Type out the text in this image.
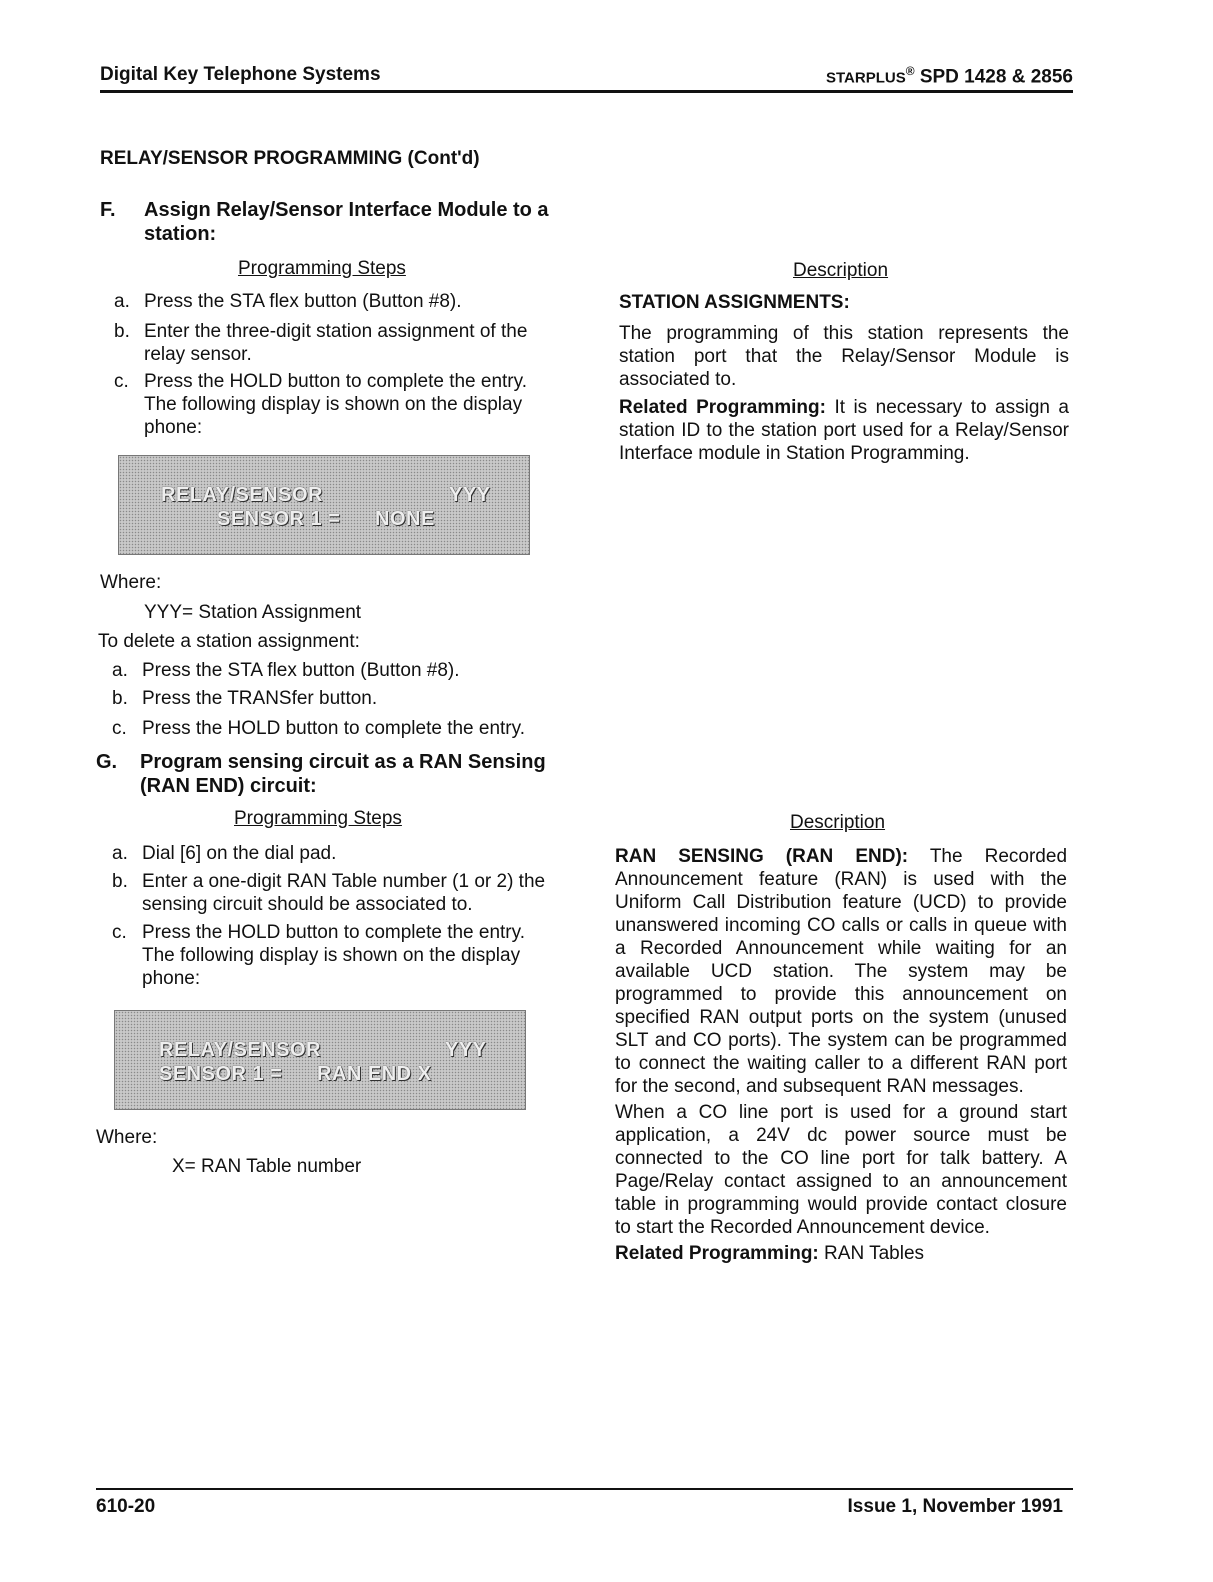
Digital Key Telephone Systems	STARPLUS® SPD 1428 & 2856
RELAY/SENSOR PROGRAMMING (Cont'd)
F. Assign Relay/Sensor Interface Module to a station:
Programming Steps
a. Press the STA flex button (Button #8).
b. Enter the three-digit station assignment of the relay sensor.
c. Press the HOLD button to complete the entry. The following display is shown on the display phone:
RELAY/SENSOR	YYY
SENSOR 1 = NONE
Where:
YYY= Station Assignment
To delete a station assignment:
a. Press the STA flex button (Button #8).
b. Press the TRANSfer button.
c. Press the HOLD button to complete the entry.
Description
STATION ASSIGNMENTS:
The programming of this station represents the station port that the Relay/Sensor Module is associated to.
Related Programming: It is necessary to assign a station ID to the station port used for a Relay/Sensor Interface module in Station Programming.
G. Program sensing circuit as a RAN Sensing (RAN END) circuit:
Programming Steps
a. Dial [6] on the dial pad.
b. Enter a one-digit RAN Table number (1 or 2) the sensing circuit should be associated to.
c. Press the HOLD button to complete the entry. The following display is shown on the display phone:
RELAY/SENSOR	YYY
SENSOR 1 = RAN END X
Where:
X= RAN Table number
Description
RAN SENSING (RAN END): The Recorded Announcement feature (RAN) is used with the Uniform Call Distribution feature (UCD) to provide unanswered incoming CO calls or calls in queue with a Recorded Announcement while waiting for an available UCD station. The system may be programmed to provide this announcement on specified RAN output ports on the system (unused SLT and CO ports). The system can be programmed to connect the waiting caller to a different RAN port for the second, and subsequent RAN messages.
When a CO line port is used for a ground start application, a 24V dc power source must be connected to the CO line port for talk battery. A Page/Relay contact assigned to an announcement table in programming would provide contact closure to start the Recorded Announcement device.
Related Programming: RAN Tables
610-20	Issue 1, November 1991
